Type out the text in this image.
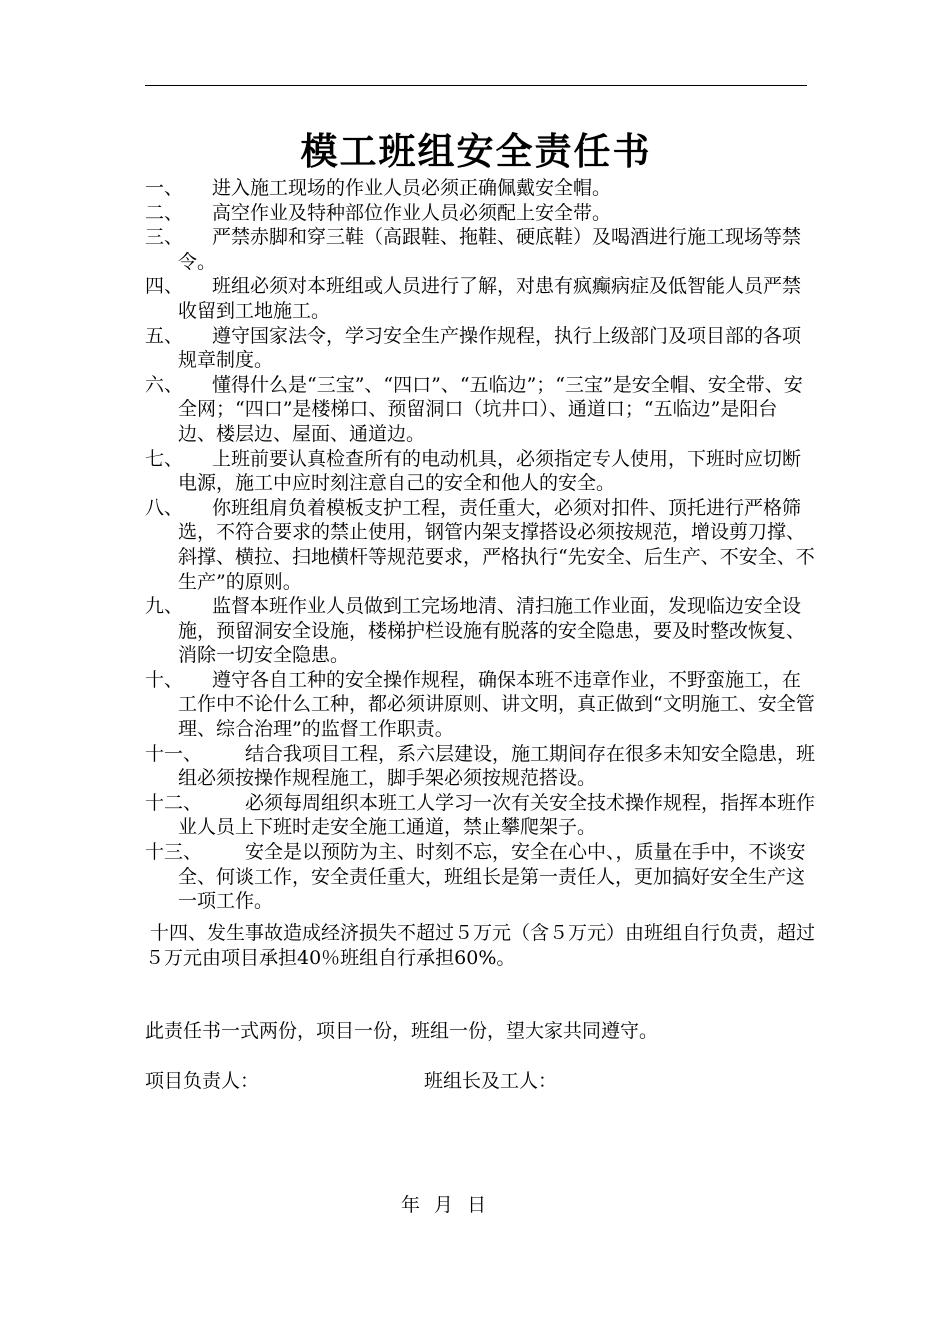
模工班组安全责任书
一、	进入施工现场的作业人员必须正确佩戴安全帽。
二、	高空作业及特种部位作业人员必须配上安全带。
三、	严禁赤脚和穿三鞋（高跟鞋、拖鞋、硬底鞋）及喝酒进行施工现场等禁令。
四、	班组必须对本班组或人员进行了解，对患有疯癫病症及低智能人员严禁收留到工地施工。
五、	遵守国家法令，学习安全生产操作规程，执行上级部门及项目部的各项规章制度。
六、	懂得什么是“三宝”、“四口”、“五临边”；“三宝”是安全帽、安全带、安全网；“四口”是楼梯口、预留洞口（坑井口）、通道口；“五临边”是阳台边、楼层边、屋面、通道边。
七、	上班前要认真检查所有的电动机具，必须指定专人使用，下班时应切断电源，施工中应时刻注意自己的安全和他人的安全。
八、	你班组肩负着模板支护工程，责任重大，必须对扣件、顶托进行严格筛选，不符合要求的禁止使用，钢管内架支撑搭设必须按规范，增设剪刀撑、斜撑、横拉、扫地横杆等规范要求，严格执行“先安全、后生产、不安全、不生产”的原则。
九、	监督本班作业人员做到工完场地清、清扫施工作业面，发现临边安全设施，预留洞安全设施，楼梯护栏设施有脱落的安全隐患，要及时整改恢复、消除一切安全隐患。
十、	遵守各自工种的安全操作规程，确保本班不违章作业，不野蛮施工，在工作中不论什么工种，都必须讲原则、讲文明，真正做到“文明施工、安全管理、综合治理”的监督工作职责。
十一、	结合我项目工程，系六层建设，施工期间存在很多未知安全隐患，班组必须按操作规程施工，脚手架必须按规范搭设。
十二、	必须每周组织本班工人学习一次有关安全技术操作规程，指挥本班作业人员上下班时走安全施工通道，禁止攀爬架子。
十三、	安全是以预防为主、时刻不忘，安全在心中、，质量在手中，不谈安全、何谈工作，安全责任重大，班组长是第一责任人，更加搞好安全生产这一项工作。

十四、发生事故造成经济损失不超过５万元（含５万元）由班组自行负责，超过５万元由项目承担40％班组自行承担60%。

此责任书一式两份，项目一份，班组一份，望大家共同遵守。

项目负责人：	班组长及工人：
年 月 日
